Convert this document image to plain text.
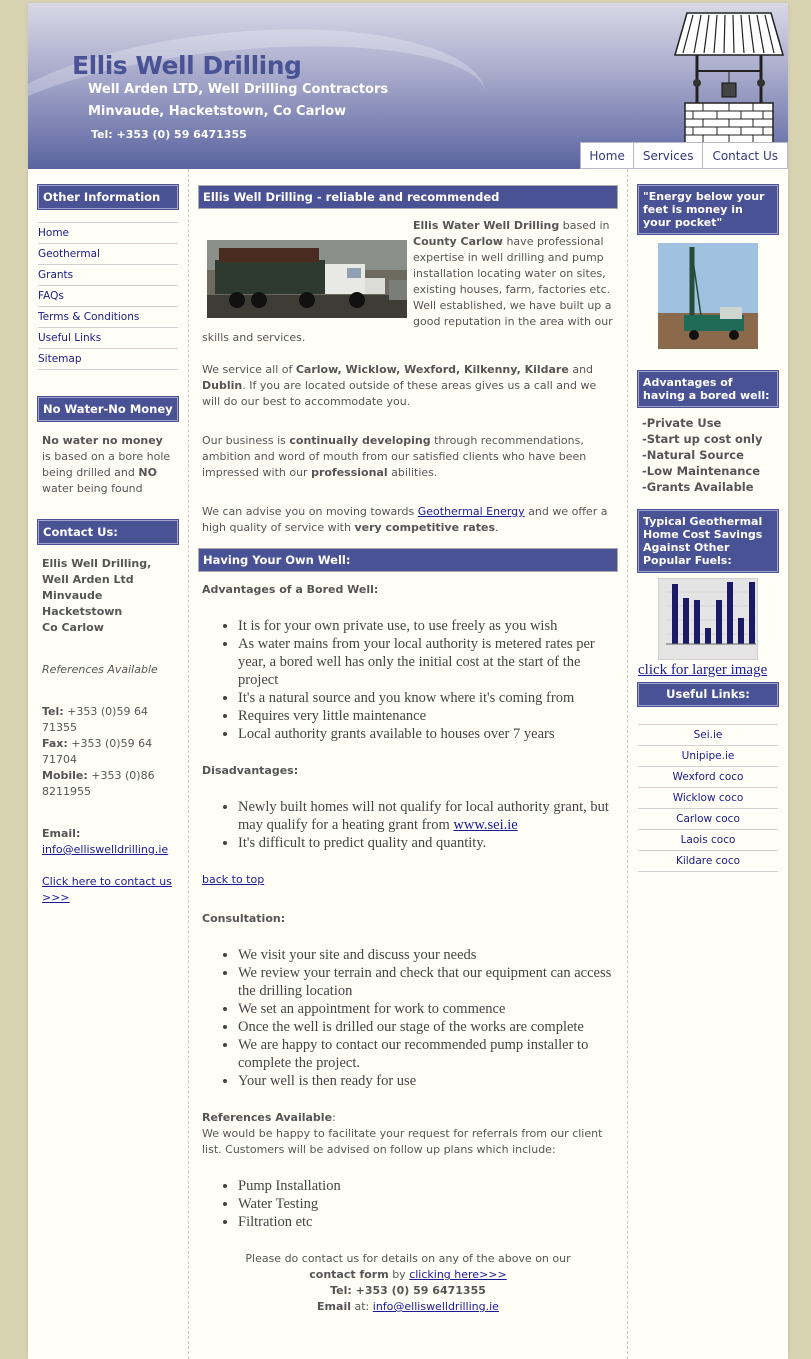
Ellis Well Drilling
Well Arden LTD, Well Drilling Contractors
Minvaude, Hacketstown, Co Carlow
Tel: +353 (0) 59 6471355
Home	Services	Contact Us
Other Information
Home
Geothermal
Grants
FAQs
Terms & Conditions
Useful Links
Sitemap
No Water-No Money
No water no money is based on a bore hole being drilled and NO water being found
Contact Us:
Ellis Well Drilling,
Well Arden Ltd
Minvaude
Hacketstown
Co Carlow
References Available
Tel: +353 (0)59 64 71355
Fax: +353 (0)59 64 71704
Mobile: +353 (0)86 8211955
Email:
info@elliswelldrilling.ie
Click here to contact us >>>
Ellis Well Drilling - reliable and recommended
Ellis Water Well Drilling based in County Carlow have professional expertise in well drilling and pump installation locating water on sites, existing houses, farm, factories etc. Well established, we have built up a good reputation in the area with our skills and services.
We service all of Carlow, Wicklow, Wexford, Kilkenny, Kildare and Dublin. If you are located outside of these areas gives us a call and we will do our best to accommodate you.
Our business is continually developing through recommendations, ambition and word of mouth from our satisfied clients who have been impressed with our professional abilities.
We can advise you on moving towards Geothermal Energy and we offer a high quality of service with very competitive rates.
Having Your Own Well:
Advantages of a Bored Well:
• It is for your own private use, to use freely as you wish
• As water mains from your local authority is metered rates per year, a bored well has only the initial cost at the start of the project
• It's a natural source and you know where it's coming from
• Requires very little maintenance
• Local authority grants available to houses over 7 years
Disadvantages:
• Newly built homes will not qualify for local authority grant, but may qualify for a heating grant from www.sei.ie
• It's difficult to predict quality and quantity.
back to top
Consultation:
• We visit your site and discuss your needs
• We review your terrain and check that our equipment can access the drilling location
• We set an appointment for work to commence
• Once the well is drilled our stage of the works are complete
• We are happy to contact our recommended pump installer to complete the project.
• Your well is then ready for use
References Available:
We would be happy to facilitate your request for referrals from our client list. Customers will be advised on follow up plans which include:
• Pump Installation
• Water Testing
• Filtration etc
Please do contact us for details on any of the above on our
contact form by clicking here>>>
Tel: +353 (0) 59 6471355
Email at: info@elliswelldrilling.ie
"Energy below your feet is money in your pocket"
Advantages of having a bored well:
-Private Use
-Start up cost only
-Natural Source
-Low Maintenance
-Grants Available
Typical Geothermal Home Cost Savings Against Other Popular Fuels:
click for larger image
Useful Links:
Sei.ie
Unipipe.ie
Wexford coco
Wicklow coco
Carlow coco
Laois coco
Kildare coco
